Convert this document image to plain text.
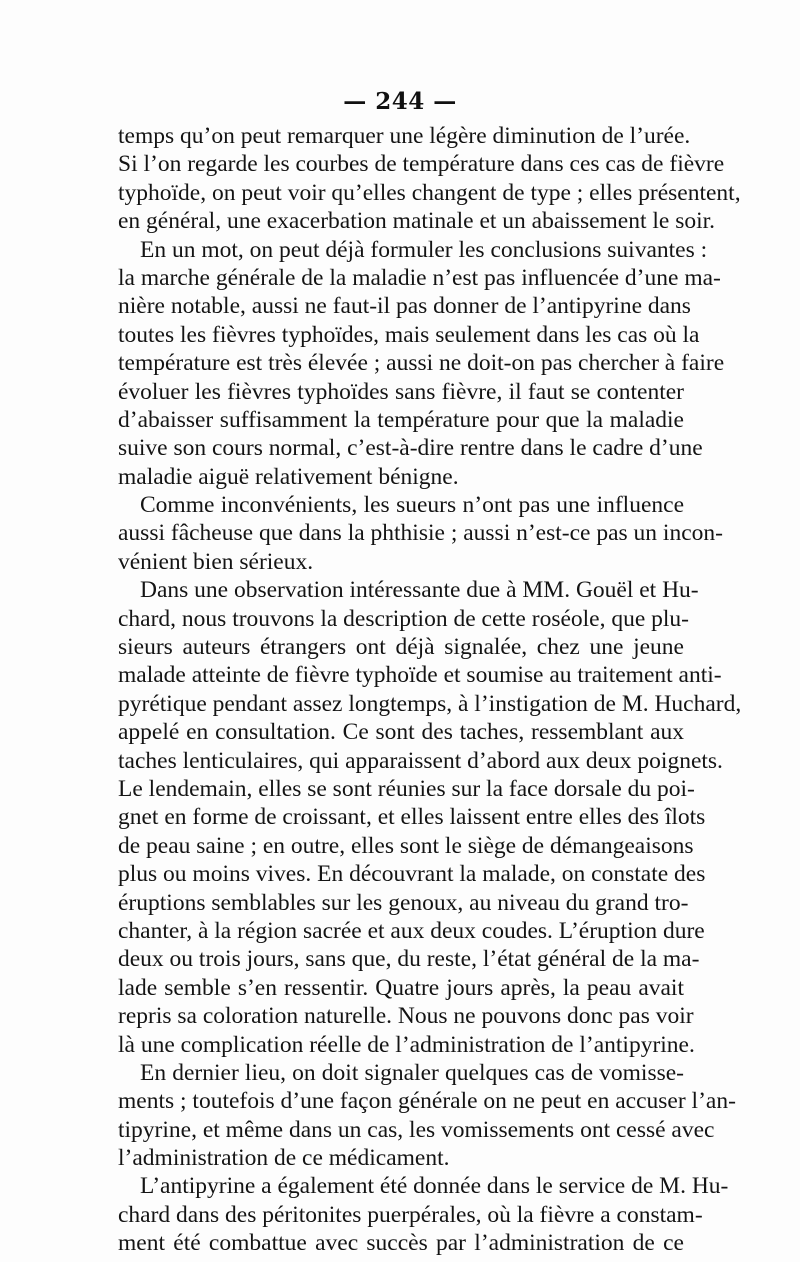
— 244 —
temps qu’on peut remarquer une légère diminution de l’urée.
Si l’on regarde les courbes de température dans ces cas de fièvre
typhoïde, on peut voir qu’elles changent de type ; elles présentent,
en général, une exacerbation matinale et un abaissement le soir.
En un mot, on peut déjà formuler les conclusions suivantes :
la marche générale de la maladie n’est pas influencée d’une ma-
nière notable, aussi ne faut-il pas donner de l’antipyrine dans
toutes les fièvres typhoïdes, mais seulement dans les cas où la
température est très élevée ; aussi ne doit-on pas chercher à faire
évoluer les fièvres typhoïdes sans fièvre, il faut se contenter
d’abaisser suffisamment la température pour que la maladie
suive son cours normal, c’est-à-dire rentre dans le cadre d’une
maladie aiguë relativement bénigne.
Comme inconvénients, les sueurs n’ont pas une influence
aussi fâcheuse que dans la phthisie ; aussi n’est-ce pas un incon-
vénient bien sérieux.
Dans une observation intéressante due à MM. Gouël et Hu-
chard, nous trouvons la description de cette roséole, que plu-
sieurs auteurs étrangers ont déjà signalée, chez une jeune
malade atteinte de fièvre typhoïde et soumise au traitement anti-
pyrétique pendant assez longtemps, à l’instigation de M. Huchard,
appelé en consultation. Ce sont des taches, ressemblant aux
taches lenticulaires, qui apparaissent d’abord aux deux poignets.
Le lendemain, elles se sont réunies sur la face dorsale du poi-
gnet en forme de croissant, et elles laissent entre elles des îlots
de peau saine ; en outre, elles sont le siège de démangeaisons
plus ou moins vives. En découvrant la malade, on constate des
éruptions semblables sur les genoux, au niveau du grand tro-
chanter, à la région sacrée et aux deux coudes. L’éruption dure
deux ou trois jours, sans que, du reste, l’état général de la ma-
lade semble s’en ressentir. Quatre jours après, la peau avait
repris sa coloration naturelle. Nous ne pouvons donc pas voir
là une complication réelle de l’administration de l’antipyrine.
En dernier lieu, on doit signaler quelques cas de vomisse-
ments ; toutefois d’une façon générale on ne peut en accuser l’an-
tipyrine, et même dans un cas, les vomissements ont cessé avec
l’administration de ce médicament.
L’antipyrine a également été donnée dans le service de M. Hu-
chard dans des péritonites puerpérales, où la fièvre a constam-
ment été combattue avec succès par l’administration de ce
